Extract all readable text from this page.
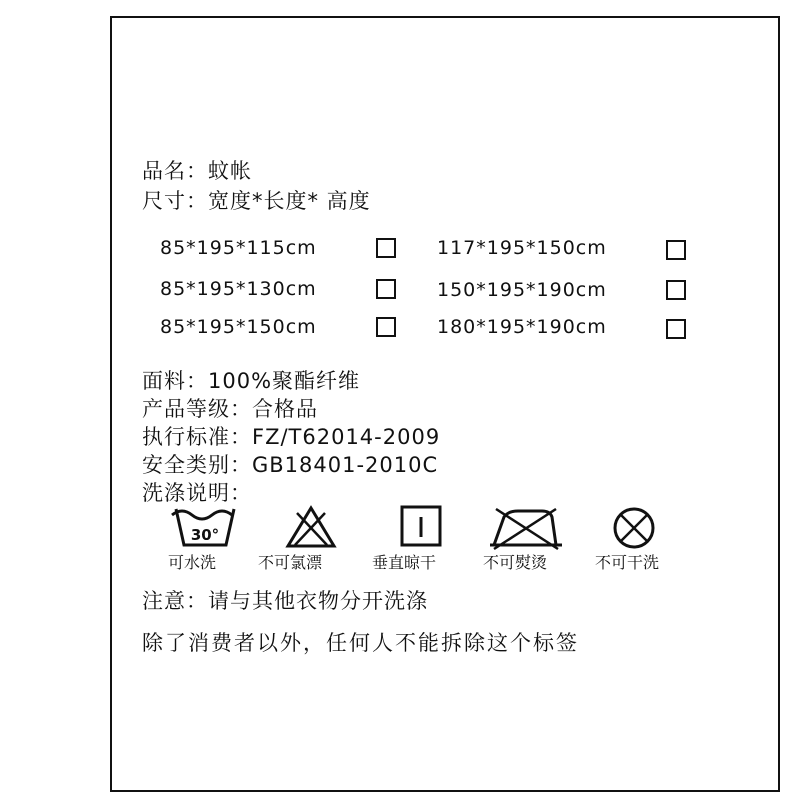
品名：蚊帐
尺寸：宽度*长度* 高度
85*195*115cm	117*195*150cm
85*195*130cm	150*195*190cm
85*195*150cm	180*195*190cm
面料：100%聚酯纤维
产品等级：合格品
执行标准：FZ/T62014-2009
安全类别：GB18401-2010C
洗涤说明：
30°
可水洗	不可氯漂	垂直晾干	不可熨烫	不可干洗
注意：请与其他衣物分开洗涤
除了消费者以外，任何人不能拆除这个标签
